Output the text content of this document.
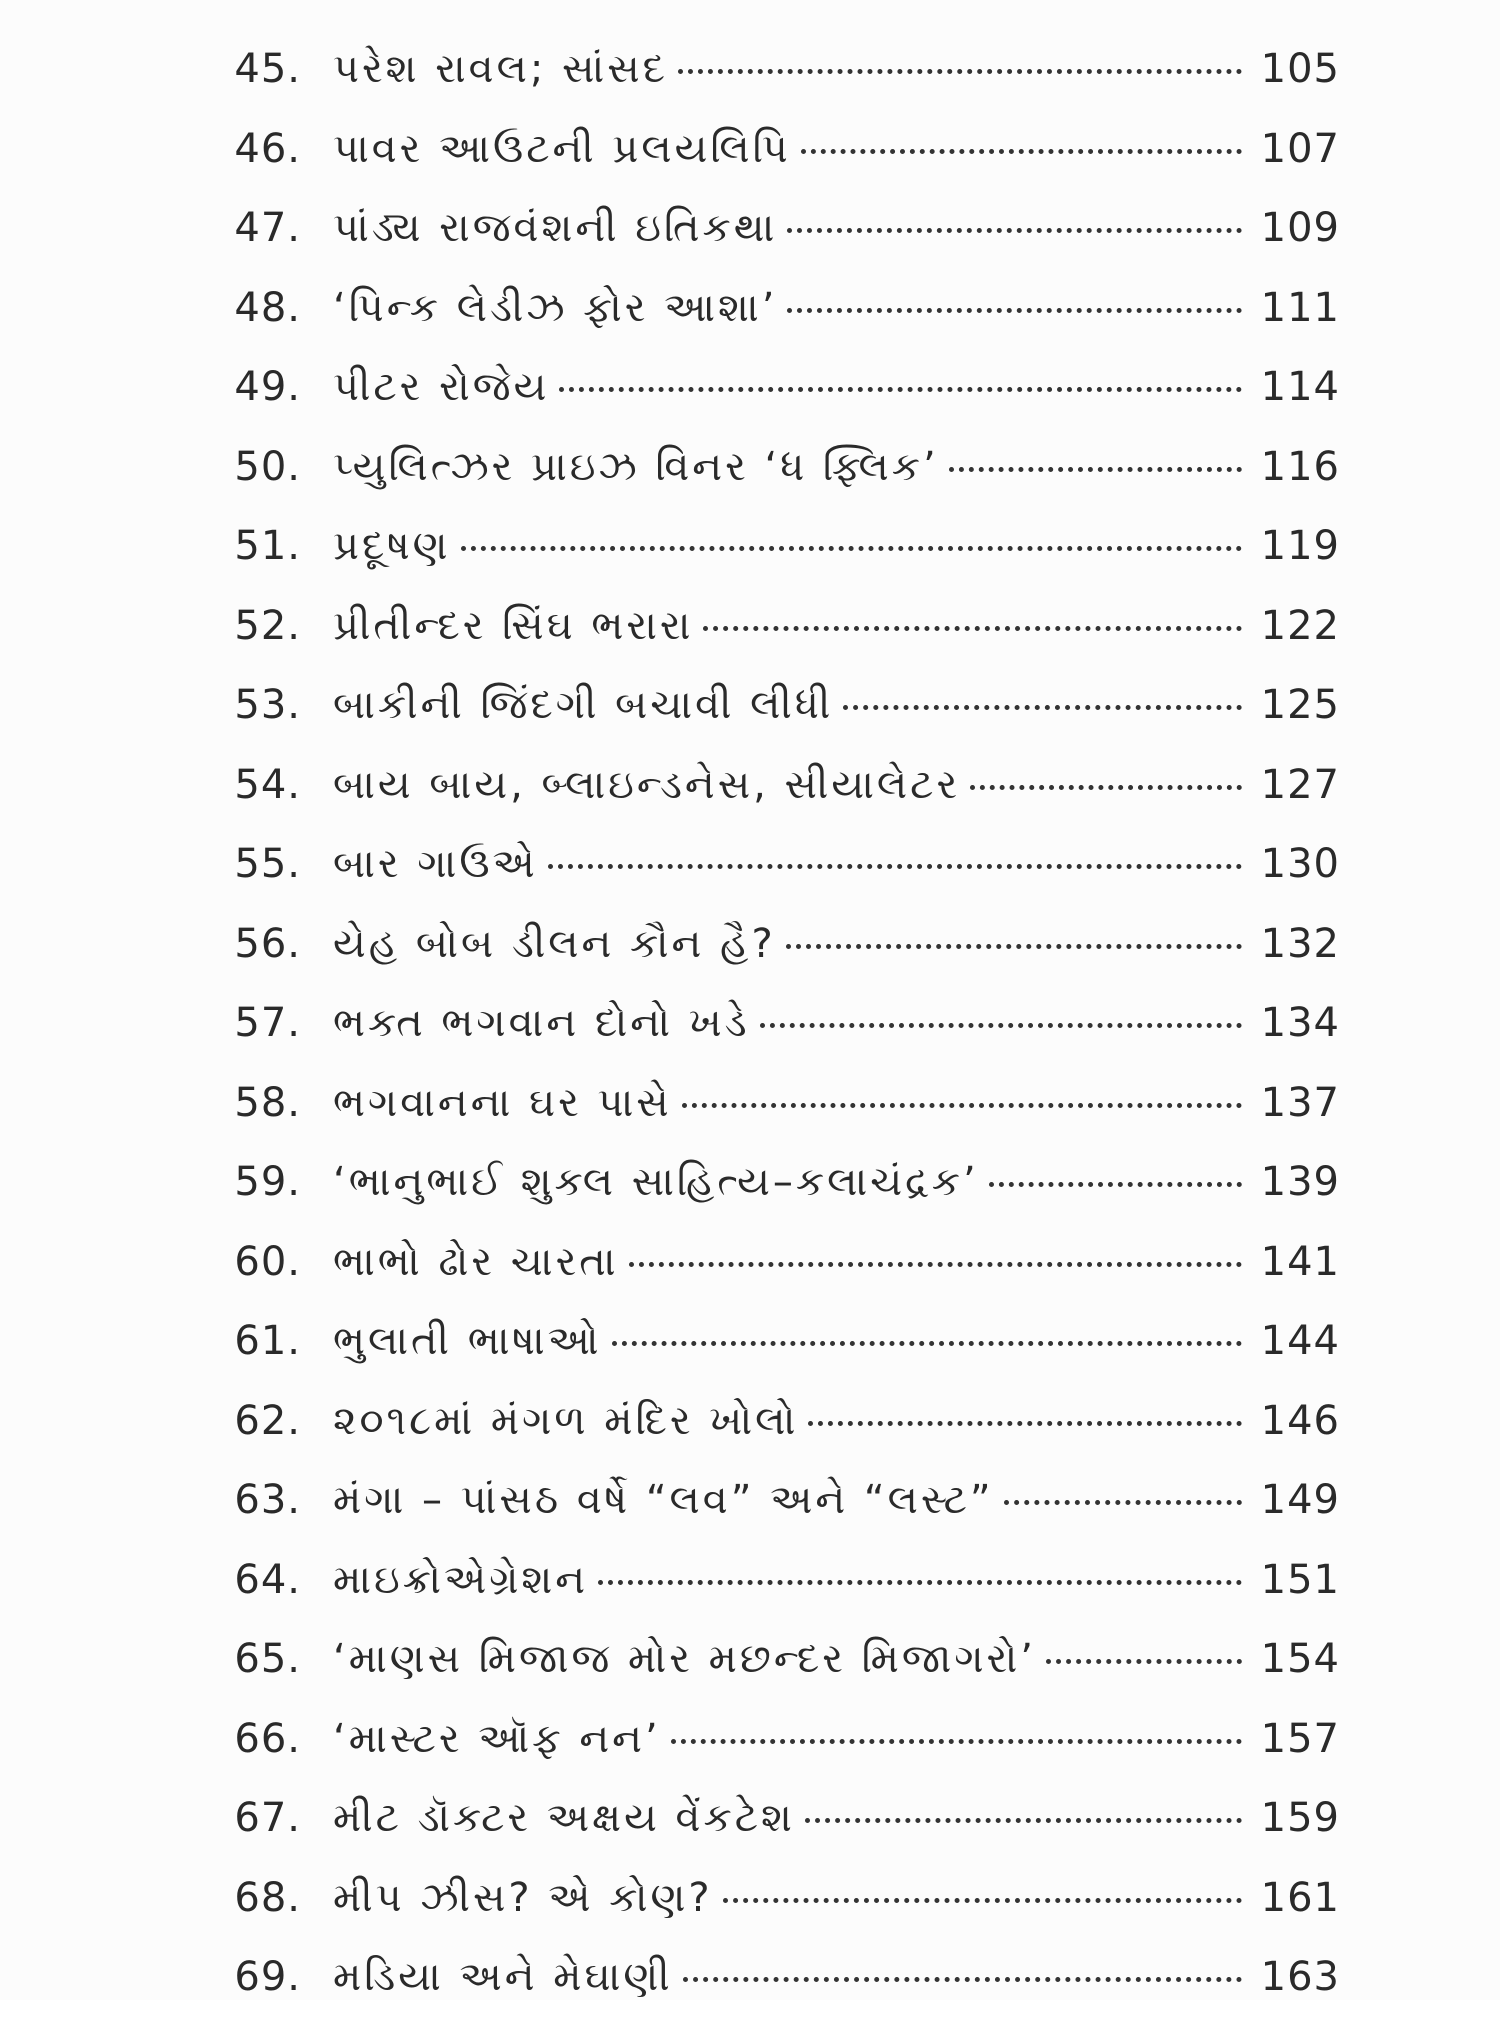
45. પરેશ રાવલ; સાંસદ	105
46. પાવર આઉટની પ્રલયલિપિ	107
47. પાંડ્ય રાજવંશની ઇતિકથા	109
48. ‘પિન્ક લેડીઝ ફોર આશા’	111
49. પીટર રોજેય	114
50. પ્યુલિત્ઝર પ્રાઇઝ વિનર ‘ધ ફ્લિક’	116
51. પ્રદૂષણ	119
52. પ્રીતીન્દર સિંઘ ભરારા	122
53. બાકીની જિંદગી બચાવી લીધી	125
54. બાય બાય, બ્લાઇન્ડનેસ, સીયાલેટર	127
55. બાર ગાઉએ	130
56. યેહ બોબ ડીલન કૌન હૈ?	132
57. ભક્ત ભગવાન દોનો ખડે	134
58. ભગવાનના ઘર પાસે	137
59. ‘ભાનુભાઈ શુક્લ સાહિત્ય–કલાચંદ્રક’	139
60. ભાભો ઢોર ચારતા	141
61. ભુલાતી ભાષાઓ	144
62. ૨૦૧૮માં મંગળ મંદિર ખોલો	146
63. મંગા – પાંસઠ વર્ષે “લવ” અને “લસ્ટ”	149
64. માઇક્રોએગ્રેશન	151
65. ‘માણસ મિજાજ મોર મછન્દર મિજાગરો’	154
66. ‘માસ્ટર ઑફ નન’	157
67. મીટ ડૉક્ટર અક્ષય વેંકટેશ	159
68. મીપ ઝીસ? એ કોણ?	161
69. મડિયા અને મેઘાણી	163
